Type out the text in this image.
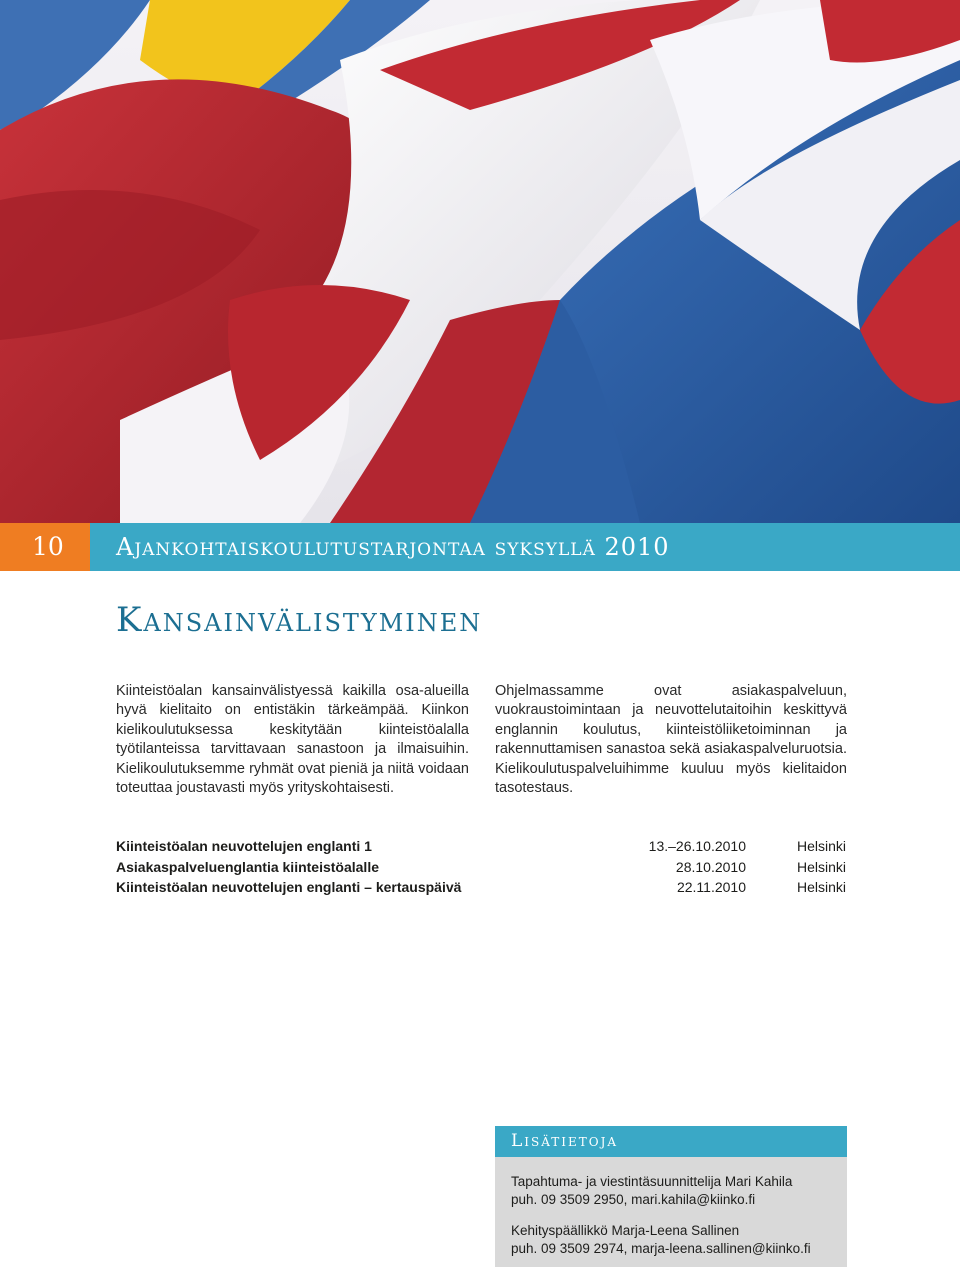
10	Ajankohtaiskoulutustarjontaa syksyllä 2010
Kansainvälistyminen
Kiinteistöalan kansainvälistyessä kaikilla osa-alueilla hyvä kielitaito on entistäkin tärkeämpää. Kiinkon kielikoulutuksessa keskitytään kiinteistöalalla työtilanteissa tarvittavaan sanastoon ja ilmaisuihin. Kielikoulutuksemme ryhmät ovat pieniä ja niitä voidaan toteuttaa joustavasti myös yrityskohtaisesti.
Ohjelmassamme ovat asiakaspalveluun, vuokraustoimintaan ja neuvottelutaitoihin keskittyvä englannin koulutus, kiinteistöliiketoiminnan ja rakennuttamisen sanastoa sekä asiakaspalveluruotsia. Kielikoulutuspalveluihimme kuuluu myös kielitaidon tasotestaus.
Kiinteistöalan neuvottelujen englanti 1	13.–26.10.2010	Helsinki
Asiakaspalveluenglantia kiinteistöalalle	28.10.2010	Helsinki
Kiinteistöalan neuvottelujen englanti – kertauspäivä	22.11.2010	Helsinki
Lisätietoja

Tapahtuma- ja viestintäsuunnittelija Mari Kahila

puh. 09 3509 2950, mari.kahila@kiinko.fi

Kehityspäällikkö Marja-Leena Sallinen

puh. 09 3509 2974, marja-leena.sallinen@kiinko.fi
